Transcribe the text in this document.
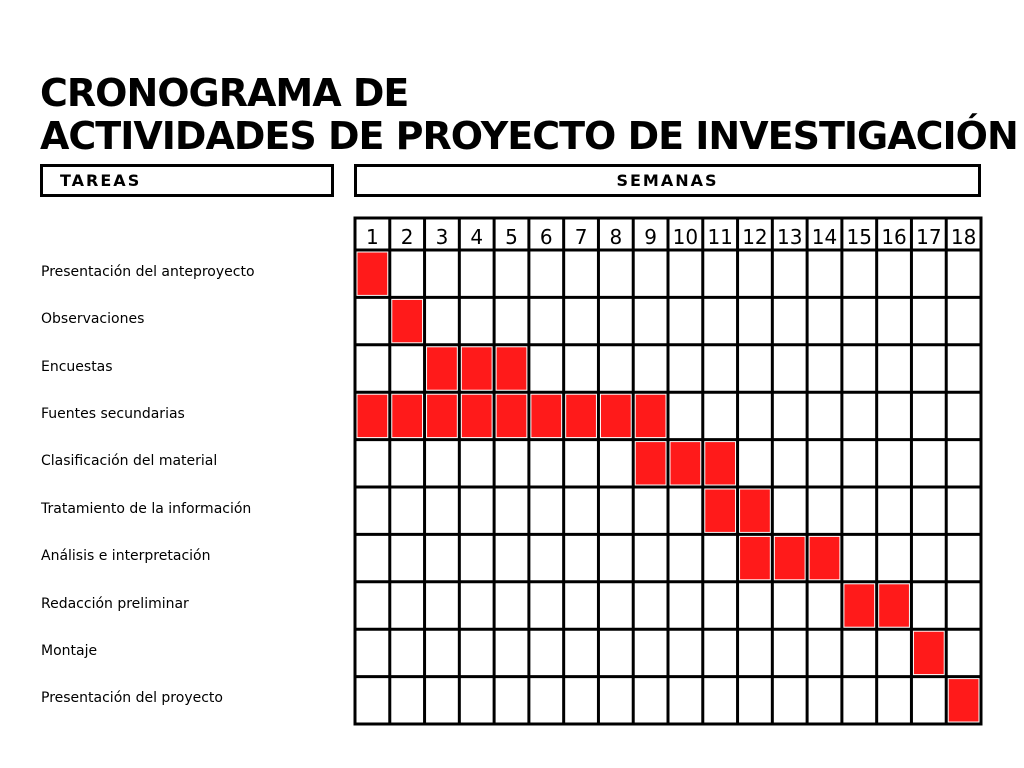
CRONOGRAMA DE
ACTIVIDADES DE PROYECTO DE INVESTIGACIÓN
TAREAS	SEMANAS
Presentación del anteproyecto
Observaciones
Encuestas
Fuentes secundarias
Clasificación del material
Tratamiento de la información
Análisis e interpretación
Redacción preliminar
Montaje
Presentación del proyecto
1 2 3 4 5 6 7 8 9 10 11 12 13 14 15 16 17 18
